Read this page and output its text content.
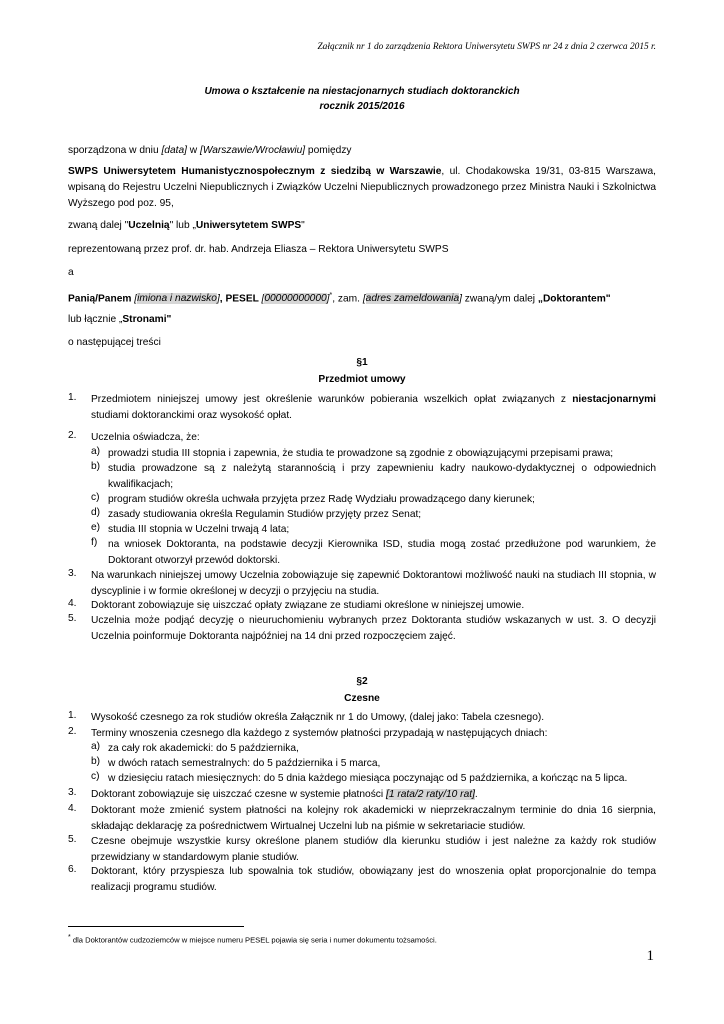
Załącznik nr 1 do zarządzenia Rektora Uniwersytetu SWPS nr 24 z dnia 2 czerwca 2015 r.
Umowa o kształcenie na niestacjonarnych studiach doktoranckich
rocznik 2015/2016
sporządzona w dniu [data] w [Warszawie/Wrocławiu] pomiędzy
SWPS Uniwersytetem Humanistycznospołecznym z siedzibą w Warszawie, ul. Chodakowska 19/31, 03-815 Warszawa, wpisaną do Rejestru Uczelni Niepublicznych i Związków Uczelni Niepublicznych prowadzonego przez Ministra Nauki i Szkolnictwa Wyższego pod poz. 95,
zwaną dalej "Uczelnią" lub „Uniwersytetem SWPS"
reprezentowaną przez prof. dr. hab. Andrzeja Eliasza – Rektora Uniwersytetu SWPS
a
Panią/Panem [imiona i nazwisko], PESEL [00000000000]*, zam. [adres zameldowania] zwaną/ym dalej „Doktorantem"
lub łącznie „Stronami"
o następującej treści
§1
Przedmiot umowy
1.	Przedmiotem niniejszej umowy jest określenie warunków pobierania wszelkich opłat związanych z niestacjonarnymi studiami doktoranckimi oraz wysokość opłat.
2.	Uczelnia oświadcza, że:
a) prowadzi studia III stopnia i zapewnia, że studia te prowadzone są zgodnie z obowiązującymi przepisami prawa;
b) studia prowadzone są z należytą starannością i przy zapewnieniu kadry naukowo-dydaktycznej o odpowiednich kwalifikacjach;
c) program studiów określa uchwała przyjęta przez Radę Wydziału prowadzącego dany kierunek;
d) zasady studiowania określa Regulamin Studiów przyjęty przez Senat;
e) studia III stopnia w Uczelni trwają 4 lata;
f)	na wniosek Doktoranta, na podstawie decyzji Kierownika ISD, studia mogą zostać przedłużone pod warunkiem, że Doktorant otworzył przewód doktorski.
3.	Na warunkach niniejszej umowy Uczelnia zobowiązuje się zapewnić Doktorantowi możliwość nauki na studiach III stopnia, w dyscyplinie i w formie określonej w decyzji o przyjęciu na studia.
4.	Doktorant zobowiązuje się uiszczać opłaty związane ze studiami określone w niniejszej umowie.
5.	Uczelnia może podjąć decyzję o nieuruchomieniu wybranych przez Doktoranta studiów wskazanych w ust. 3. O decyzji Uczelnia poinformuje Doktoranta najpóźniej na 14 dni przed rozpoczęciem zajęć.
§2
Czesne
1.	Wysokość czesnego za rok studiów określa Załącznik nr 1 do Umowy, (dalej jako: Tabela czesnego).
2.	Terminy wnoszenia czesnego dla każdego z systemów płatności przypadają w następujących dniach:
a) za cały rok akademicki: do 5 października,
b) w dwóch ratach semestralnych: do 5 października i 5 marca,
c) w dziesięciu ratach miesięcznych: do 5 dnia każdego miesiąca poczynając od 5 października, a kończąc na 5 lipca.
3.	Doktorant zobowiązuje się uiszczać czesne w systemie płatności [1 rata/2 raty/10 rat].
4.	Doktorant może zmienić system płatności na kolejny rok akademicki w nieprzekraczalnym terminie do dnia 16 sierpnia, składając deklarację za pośrednictwem Wirtualnej Uczelni lub na piśmie w sekretariacie studiów.
5.	Czesne obejmuje wszystkie kursy określone planem studiów dla kierunku studiów i jest należne za każdy rok studiów przewidziany w standardowym planie studiów.
6.	Doktorant, który przyspiesza lub spowalnia tok studiów, obowiązany jest do wnoszenia opłat proporcjonalnie do tempa realizacji programu studiów.
* dla Doktorantów cudzoziemców w miejsce numeru PESEL pojawia się seria i numer dokumentu tożsamości.
1
